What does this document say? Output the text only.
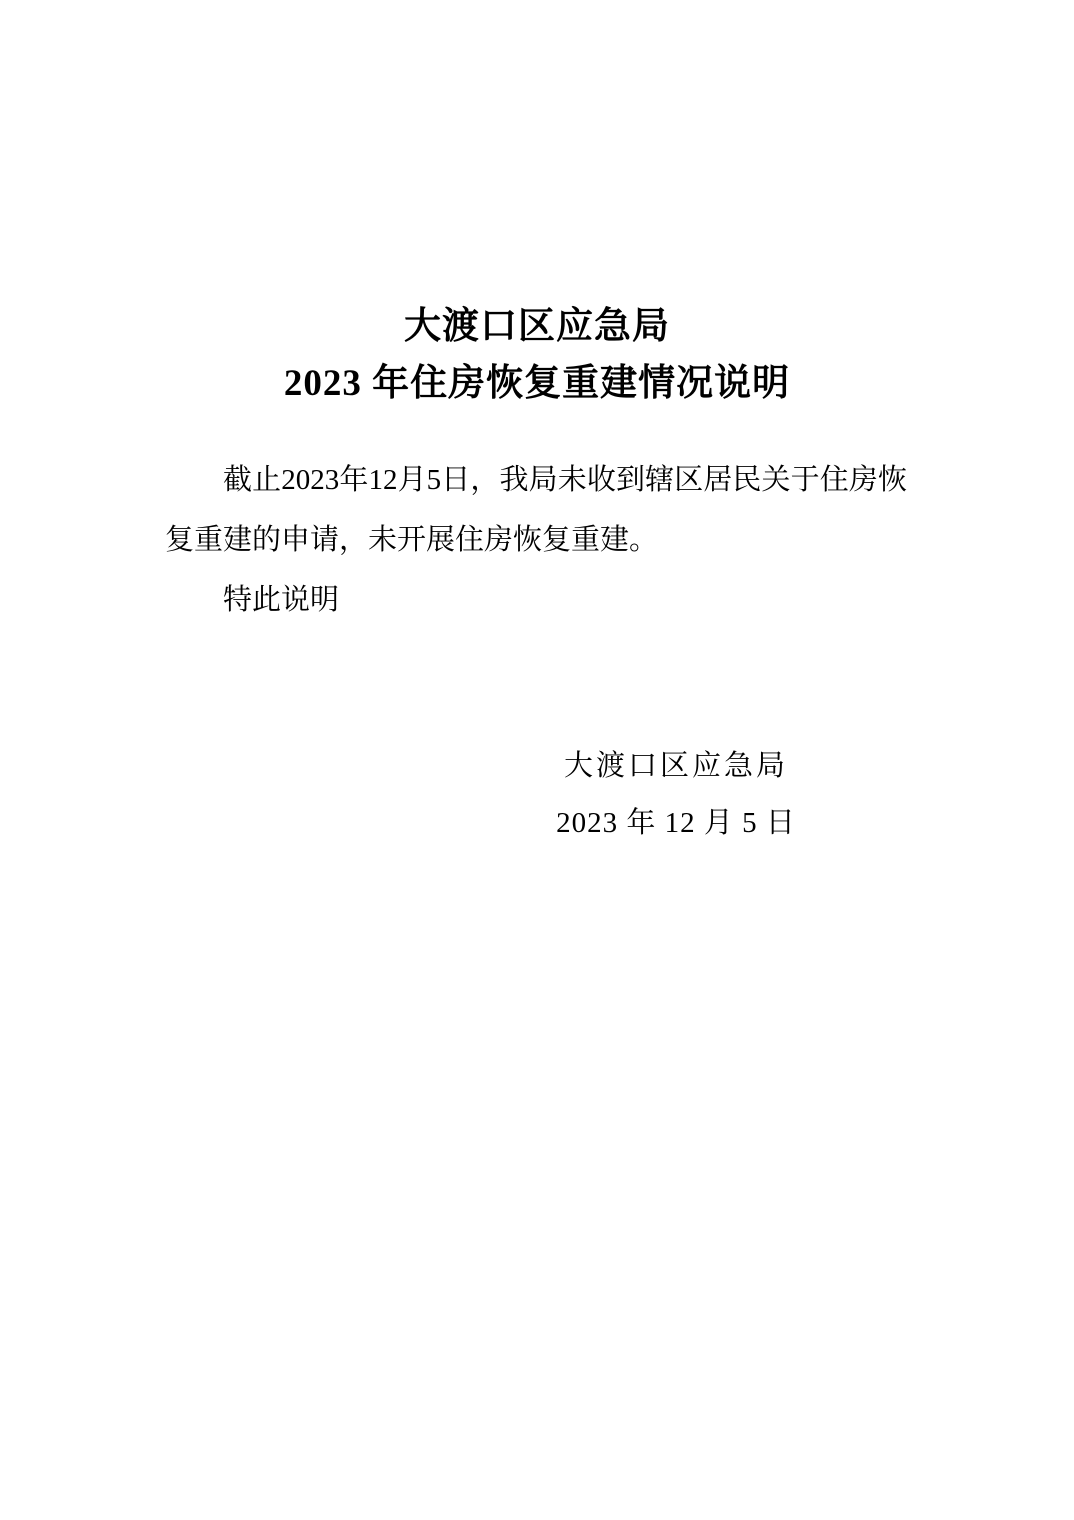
大渡口区应急局
2023 年住房恢复重建情况说明

截止2023年12月5日，我局未收到辖区居民关于住房恢复重建的申请，未开展住房恢复重建。

特此说明

大渡口区应急局
2023 年 12 月 5 日
